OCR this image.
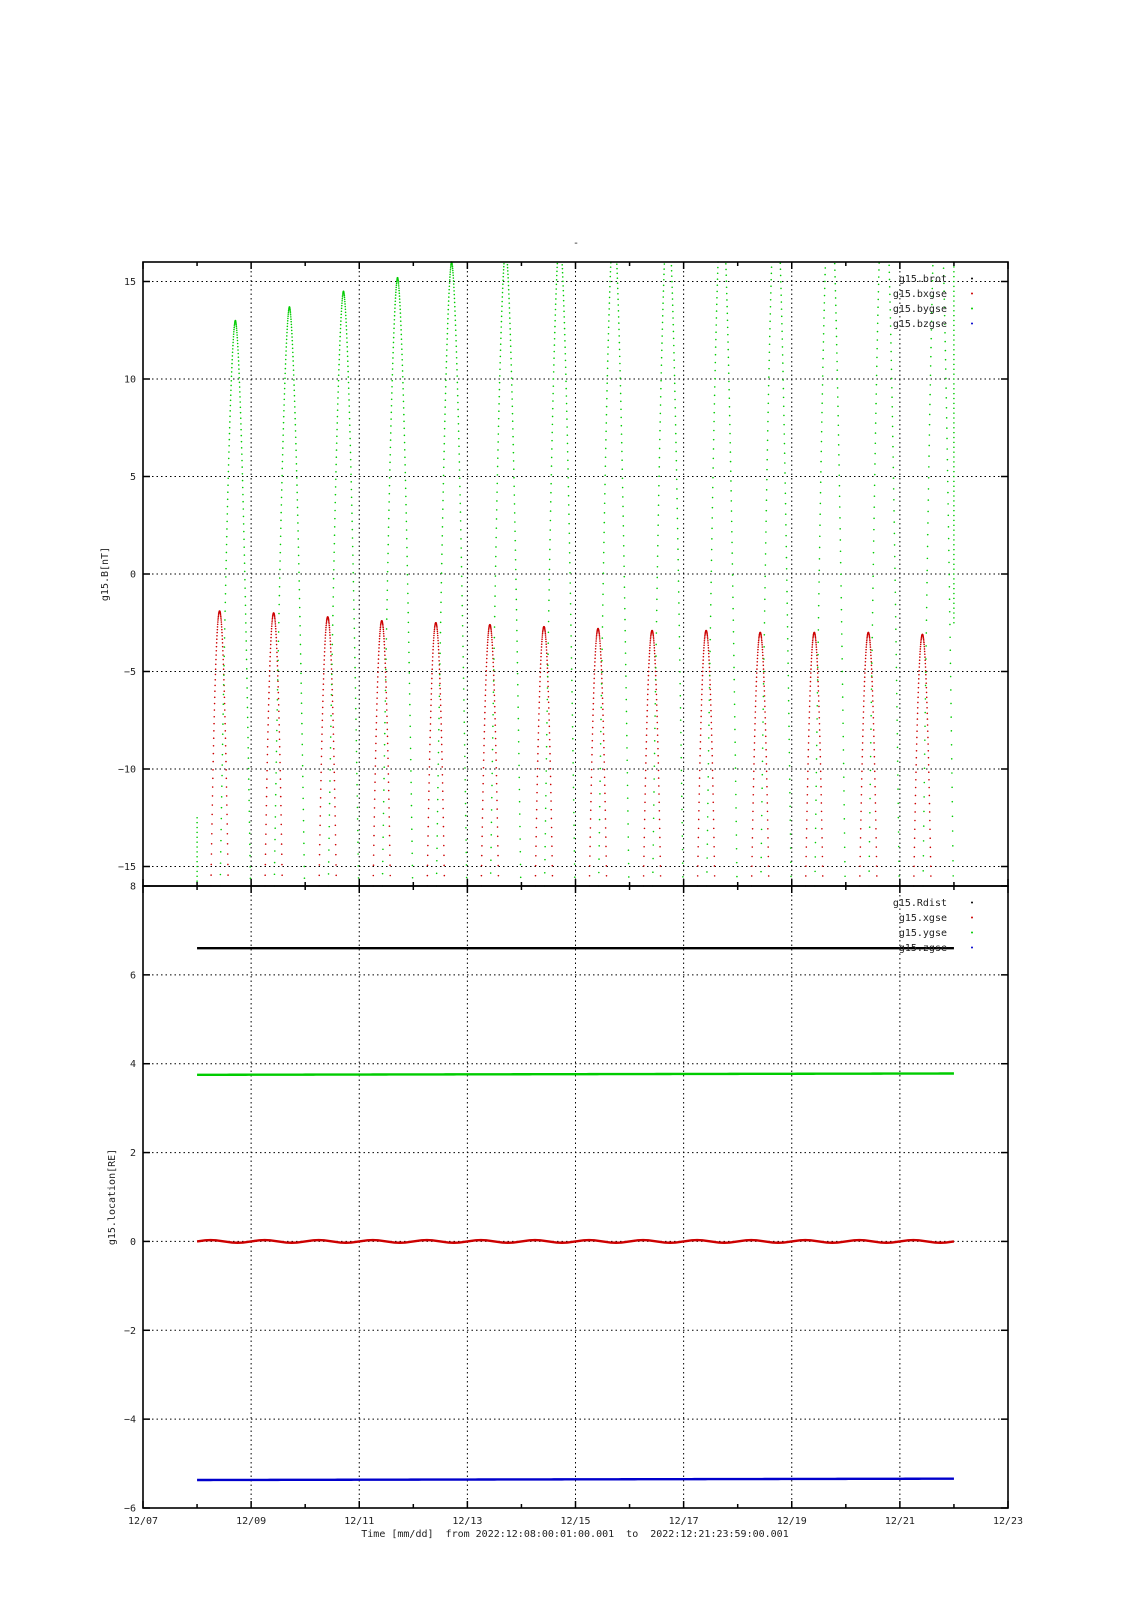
-
15
10
5
0
−5
−10
−15
g15.B[nT]
g15.brot
g15.bxgse
g15.bygse
g15.bzgse
8
6
4
2
0
−2
−4
−6
12/07	12/09	12/11	12/13	12/15	12/17	12/19	12/21	12/23
g15.location[RE]
Time [mm/dd]  from 2022:12:08:00:01:00.001  to  2022:12:21:23:59:00.001
g15.Rdist
g15.xgse
g15.ygse
g15.zgse
